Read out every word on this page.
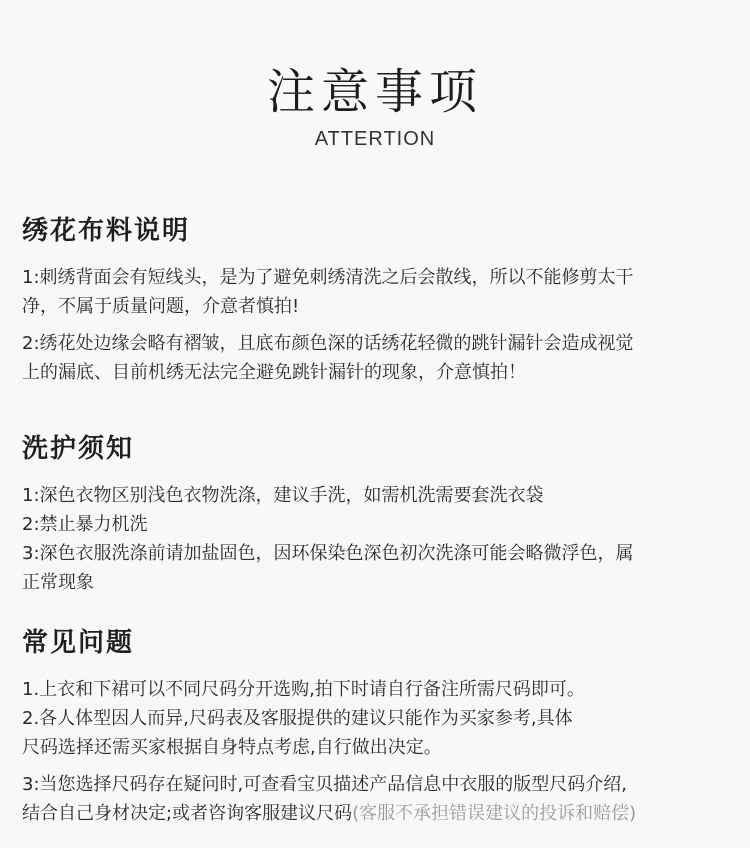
注意事项
ATTERTION
绣花布料说明

1:刺绣背面会有短线头，是为了避免刺绣清洗之后会散线，所以不能修剪太干

净，不属于质量问题，介意者慎拍!

2:绣花处边缘会略有褶皱，且底布颜色深的话绣花轻微的跳针漏针会造成视觉

上的漏底、目前机绣无法完全避免跳针漏针的现象，介意慎拍！

洗护须知

1:深色衣物区别浅色衣物洗涤，建议手洗，如需机洗需要套洗衣袋

2:禁止暴力机洗

3:深色衣服洗涤前请加盐固色，因环保染色深色初次洗涤可能会略微浮色，属

正常现象

常见问题

1.上衣和下裙可以不同尺码分开选购,拍下时请自行备注所需尺码即可。

2.各人体型因人而异,尺码表及客服提供的建议只能作为买家参考,具体

尺码选择还需买家根据自身特点考虑,自行做出决定。

3:当您选择尺码存在疑问时,可查看宝贝描述产品信息中衣服的版型尺码介绍,

结合自己身材决定;或者咨询客服建议尺码(客服不承担错误建议的投诉和赔偿)
